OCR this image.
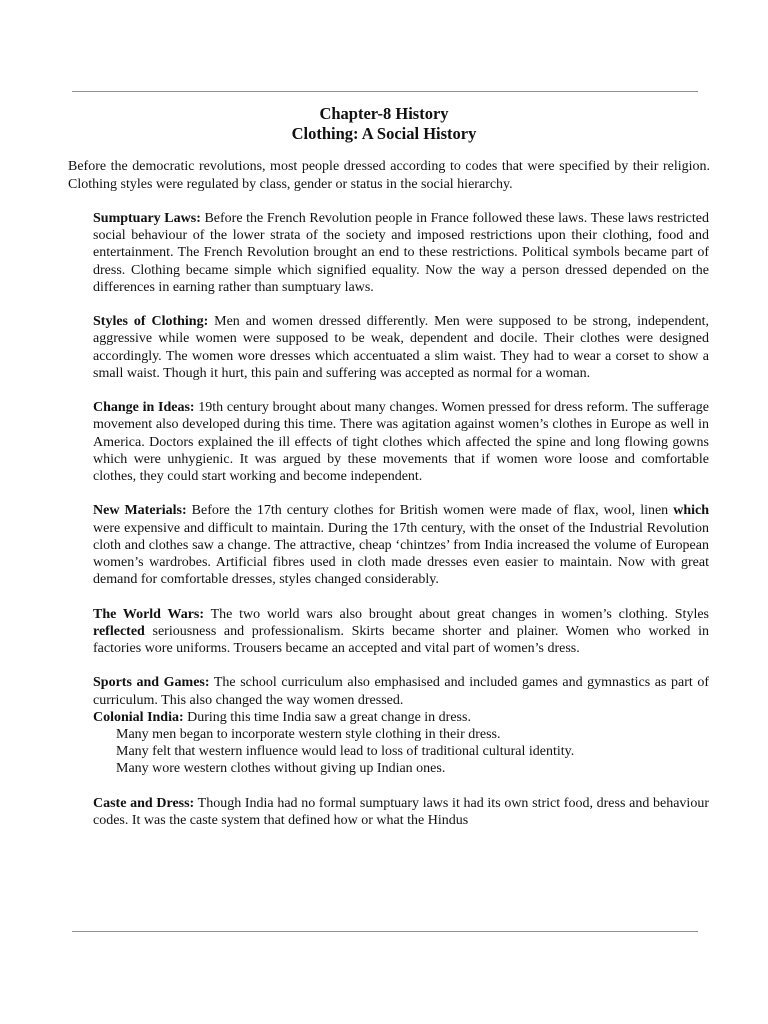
Chapter-8 History
Clothing: A Social History
Before the democratic revolutions, most people dressed according to codes that were specified by their religion. Clothing styles were regulated by class, gender or status in the social hierarchy.

Sumptuary Laws: Before the French Revolution people in France followed these laws. These laws restricted social behaviour of the lower strata of the society and imposed restrictions upon their clothing, food and entertainment. The French Revolution brought an end to these restrictions. Political symbols became part of dress. Clothing became simple which signified equality. Now the way a person dressed depended on the differences in earning rather than sumptuary laws.

Styles of Clothing: Men and women dressed differently. Men were supposed to be strong, independent, aggressive while women were supposed to be weak, dependent and docile. Their clothes were designed accordingly. The women wore dresses which accentuated a slim waist. They had to wear a corset to show a small waist. Though it hurt, this pain and suffering was accepted as normal for a woman.

Change in Ideas: 19th century brought about many changes. Women pressed for dress reform. The sufferage movement also developed during this time. There was agitation against women’s clothes in Europe as well in America. Doctors explained the ill effects of tight clothes which affected the spine and long flowing gowns which were unhygienic. It was argued by these movements that if women wore loose and comfortable clothes, they could start working and become independent.

New Materials: Before the 17th century clothes for British women were made of flax, wool, linen which were expensive and difficult to maintain. During the 17th century, with the onset of the Industrial Revolution cloth and clothes saw a change. The attractive, cheap ‘chintzes’ from India increased the volume of European women’s wardrobes. Artificial fibres used in cloth made dresses even easier to maintain. Now with great demand for comfortable dresses, styles changed considerably.

The World Wars: The two world wars also brought about great changes in women’s clothing. Styles reflected seriousness and professionalism. Skirts became shorter and plainer. Women who worked in factories wore uniforms. Trousers became an accepted and vital part of women’s dress.

Sports and Games: The school curriculum also emphasised and included games and gymnastics as part of curriculum. This also changed the way women dressed.

Colonial India: During this time India saw a great change in dress.

Many men began to incorporate western style clothing in their dress.
Many felt that western influence would lead to loss of traditional cultural identity.
Many wore western clothes without giving up Indian ones.

Caste and Dress: Though India had no formal sumptuary laws it had its own strict food, dress and behaviour codes. It was the caste system that defined how or what the Hindus
